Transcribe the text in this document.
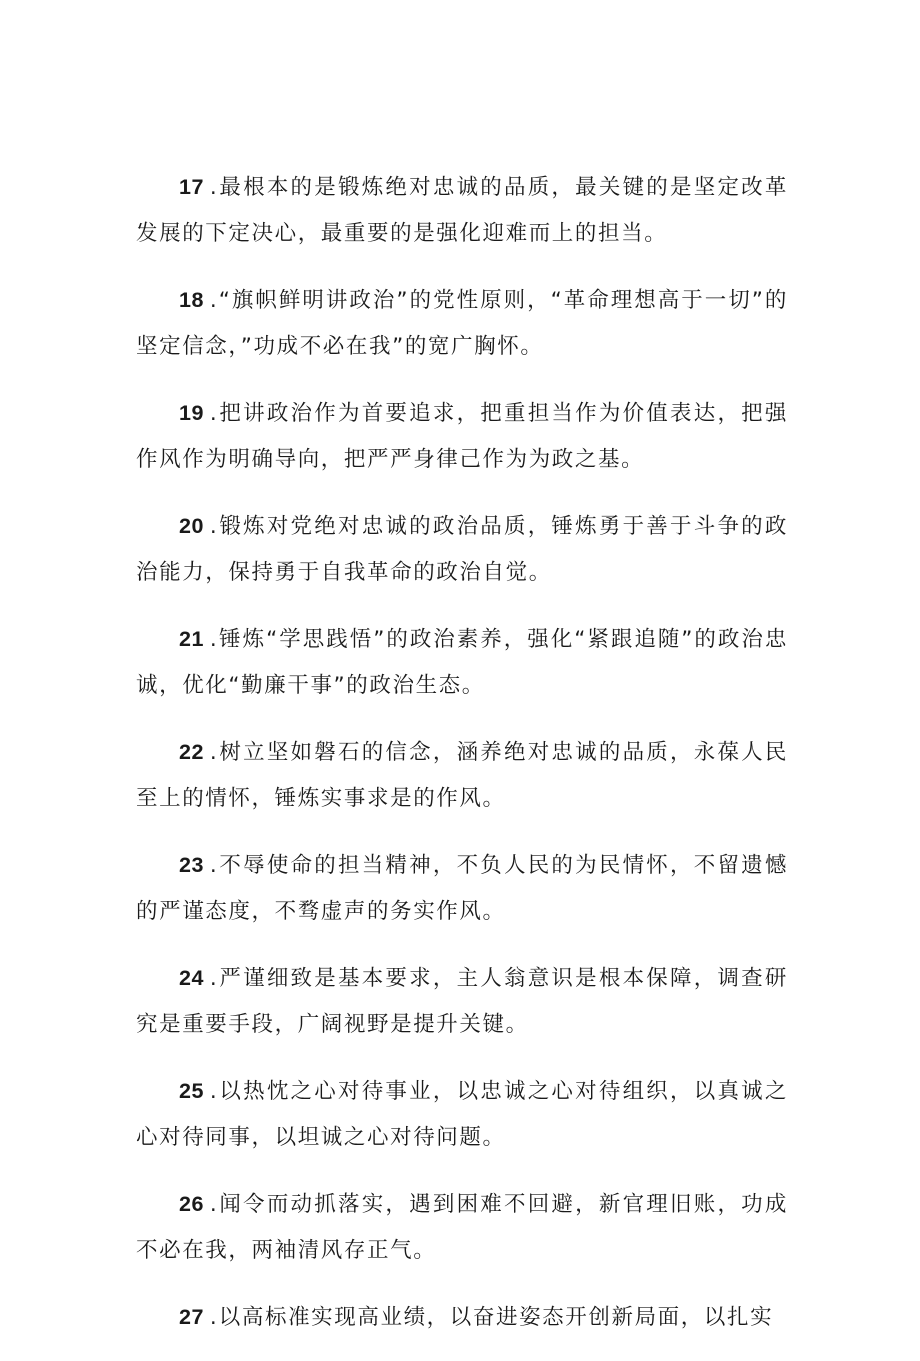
17 .最根本的是锻炼绝对忠诚的品质，最关键的是坚定改革发展的下定决心，最重要的是强化迎难而上的担当。

18 .“旗帜鲜明讲政治”的党性原则，“革命理想高于一切”的坚定信念，”功成不必在我”的宽广胸怀。

19 .把讲政治作为首要追求，把重担当作为价值表达，把强作风作为明确导向，把严严身律己作为为政之基。

20 .锻炼对党绝对忠诚的政治品质，锤炼勇于善于斗争的政治能力，保持勇于自我革命的政治自觉。

21 .锤炼“学思践悟”的政治素养，强化“紧跟追随”的政治忠诚，优化“勤廉干事”的政治生态。

22 .树立坚如磐石的信念，涵养绝对忠诚的品质，永葆人民至上的情怀，锤炼实事求是的作风。

23 .不辱使命的担当精神，不负人民的为民情怀，不留遗憾的严谨态度，不骛虚声的务实作风。

24 .严谨细致是基本要求，主人翁意识是根本保障，调查研究是重要手段，广阔视野是提升关键。

25 .以热忱之心对待事业，以忠诚之心对待组织，以真诚之心对待同事，以坦诚之心对待问题。

26 .闻令而动抓落实，遇到困难不回避，新官理旧账，功成不必在我，两袖清风存正气。

27 .以高标准实现高业绩，以奋进姿态开创新局面，以扎实
